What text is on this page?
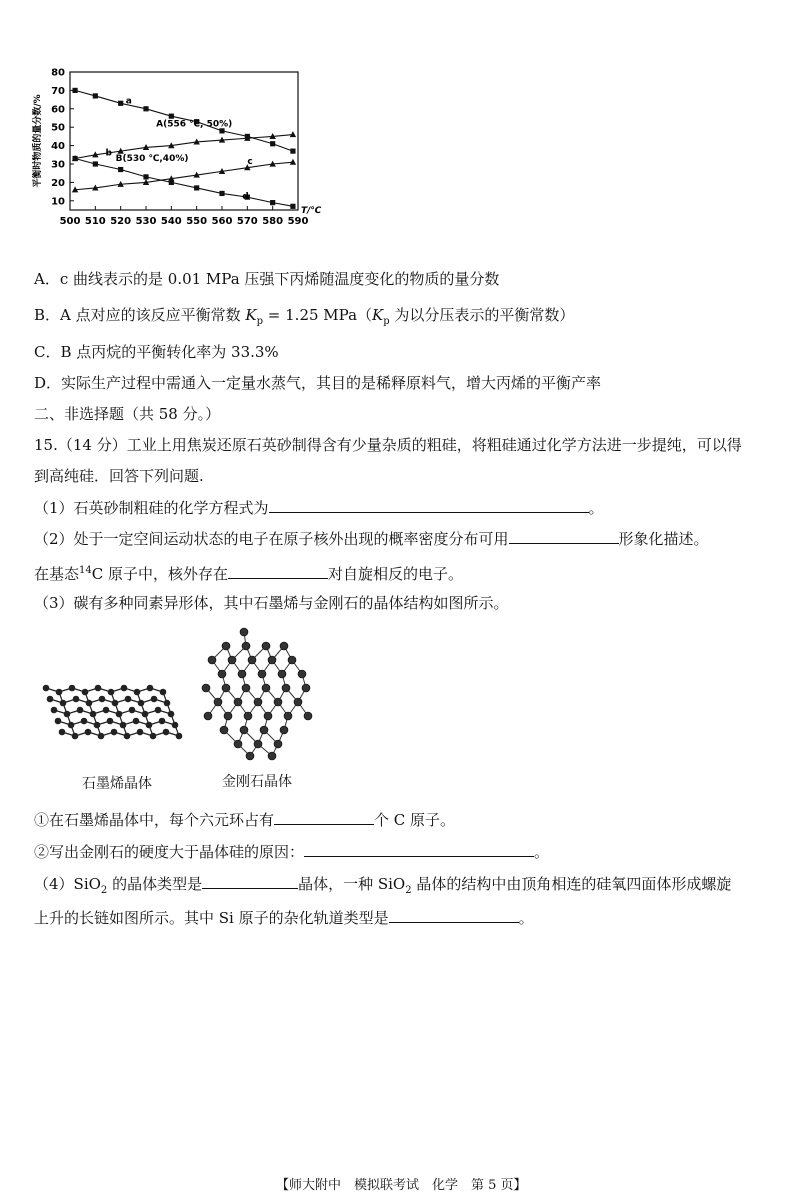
10
20
30
40
50
60
70
80
500 510 520 530 540 550 560 570 580 590
平衡时物质的量分数/%
T/℃
a
b
c
d
A(556 ℃, 50%)
B(530 ℃,40%)
A．c 曲线表示的是 0.01 MPa 压强下丙烯随温度变化的物质的量分数
B．A 点对应的该反应平衡常数 $K_p = 1.25$ $MPa(K_p$ 为以分压表示的平衡常数）
C．B 点丙烷的平衡转化率为 33.3%
D．实际生产过程中需通入一定量水蒸气，其目的是稀释原料气，增大丙烯的平衡产率
二、非选择题（共 58 分。）
15.（14 分）工业上用焦炭还原石英砂制得含有少量杂质的粗硅，将粗硅通过化学方法进一步提纯，可以得
到高纯硅．回答下列问题.
（1）石英砂制粗硅的化学方程式为	。
（2）处于一定空间运动状态的电子在原子核外出现的概率密度分布可用	形象化描述。
在基态$^{14}$C 原子中，核外存在	对自旋相反的电子。
（3）碳有多种同素异形体，其中石墨烯与金刚石的晶体结构如图所示。
石墨烯晶体	金刚石晶体
①在石墨烯晶体中，每个六元环占有	个 C 原子。
②写出金刚石的硬度大于晶体硅的原因：	。
（4）SiO$_2$ 的晶体类型是	晶体，一种 SiO$_2$ 晶体的结构中由顶角相连的硅氧四面体形成螺旋
上升的长链如图所示。其中 Si 原子的杂化轨道类型是	。
【师大附中　模拟联考试　化学　第 5 页】
